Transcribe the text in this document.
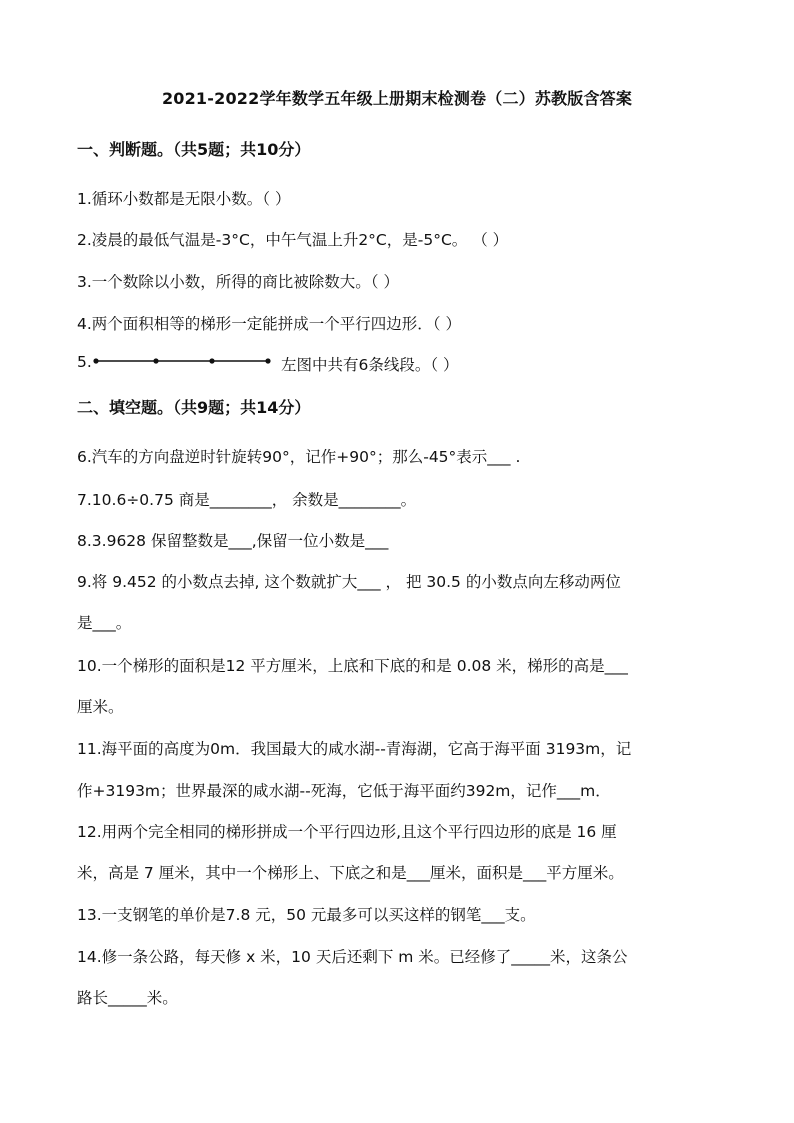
2021-2022学年数学五年级上册期末检测卷（二）苏教版含答案
一、判断题。（共5题；共10分）
1.循环小数都是无限小数。（ ）
2.凌晨的最低气温是-3°C，中午气温上升2°C，是-5°C。 （ ）
3.一个数除以小数，所得的商比被除数大。（ ）
4.两个面积相等的梯形一定能拼成一个平行四边形．（ ）
5.	左图中共有6条线段。（ ）
二、填空题。（共9题；共14分）
6.汽车的方向盘逆时针旋转90°，记作+90°；那么-45°表示___ .
7.10.6÷0.75 商是________， 余数是________。
8.3.9628 保留整数是___,保留一位小数是___
9.将 9.452 的小数点去掉, 这个数就扩大___ ， 把 30.5 的小数点向左移动两位
是___。
10.一个梯形的面积是12 平方厘米，上底和下底的和是 0.08 米，梯形的高是___
厘米。
11.海平面的高度为0m．我国最大的咸水湖--青海湖，它高于海平面 3193m，记
作+3193m；世界最深的咸水湖--死海，它低于海平面约392m，记作___m．
12.用两个完全相同的梯形拼成一个平行四边形,且这个平行四边形的底是 16 厘
米，高是 7 厘米，其中一个梯形上、下底之和是___厘米，面积是___平方厘米。
13.一支钢笔的单价是7.8 元，50 元最多可以买这样的钢笔___支。
14.修一条公路，每天修 x 米，10 天后还剩下 m 米。已经修了_____米，这条公
路长_____米。
